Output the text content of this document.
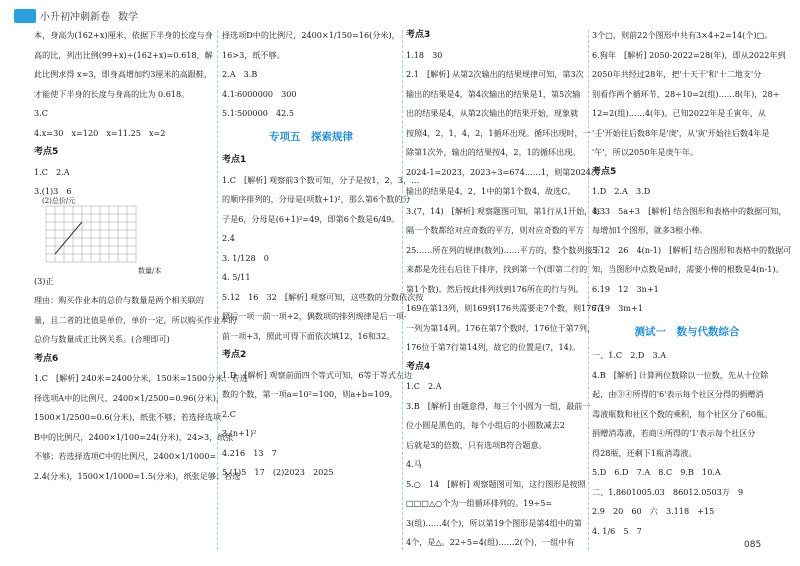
小升初冲刺新卷 数学
本，身高为(162+x)厘米，依据下半身的长度与身
高的比，列出比例(99+x)÷(162+x)=0.618，解
此比例求得 x≈3，即身高增加约3厘米的高跟鞋，
才能使下半身的长度与身高的比为 0.618。
3.C
4.x=30　x=120　x=11.25　x=2
考点5
1.C　2.A
3.(1)3　6
(2)总价/元
数量/本
(3)正
理由：购买作业本的总价与数量是两个相关联的
量，且二者的比值是单价，单价一定，所以购买作业本的
总价与数量成正比例关系。(合理即可)
考点6
1.C　[解析] 240米=2400分米，150米=1500分米。若选
择选项A中的比例尺，2400×1/2500=0.96(分米)，
1500×1/2500=0.6(分米)，纸张不够；若选择选项
B中的比例尺，2400×1/100=24(分米)，24>3，纸张
不够；若选择选项C中的比例尺，2400×1/1000=
2.4(分米)，1500×1/1000=1.5(分米)，纸张足够；若选
择选项D中的比例尺，2400×1/150=16(分米)，
16>3，纸不够。
2.A　3.B
4.1∶6000000　300
5.1∶500000　42.5
专项五　探索规律
考点1
1.C　[解析] 观察前3个数可知，分子是按1，2，3，…
的顺序排列的，分母是(项数+1)²，那么第6个数的分
子是6，分母是(6+1)²=49，即第6个数是6/49。
2.4
3. 1/128　0
4. 5/11
5.12　16　32　[解析] 观察可知，这些数的分数依次按
照后一项一前一项+2，偶数项的排列规律是后一项-
前一项+3，照此可得下面依次填12、16和32。
考点2
1.D　[解析] 观察前面四个等式可知，6等于等式左边
数的个数，第一项a=10²=100，则a+b=109。
2.C
3.(n+1)²
4.216　13　7
5.(1)5　17　(2)2023　2025
考点3
1.18　30
2.1　[解析] 从第2次输出的结果规律可知，第3次
输出的结果是4，第4次输出的结果是1，第5次输
出的结果是4，从第2次输出的结果开始，现象就
按照4，2，1，4，2，1循环出现。循环出现时，一
除第1次外，输出的结果按4，2，1的循环出现。
2024-1=2023，2023÷3=674……1，则第2024次
输出的结果是4，2，1中的第1个数4，故选C。
3.(7，14)　[解析] 观察题图可知，第1行从1开始，每
隔一个数都给对应奇数的平方，则对应奇数的平方
25……所在列的规律(数列)……平方的，整个数列接下
来都是先往右后往下排序，找到第一个(即第二行的
第1个数)。然后按此排列找到176所在的行与列。
169在第13列，则169到176共需要走7个数，则176在
一列为第14列。176在第7个数时，176位于第7列，
176位于第7行第14列，故它的位置是(7，14)。
考点4
1.C　2.A
3.B　[解析] 由题意得，每三个小圆为一组，最前一
位小圆是黑色的，每个小组后的小圆数减去2
后就是3的倍数，只有选项B符合题意。
4.马
5.○　14　[解析] 观察题图可知，这行图形是按照
□□□△○个为一组循环排列的。19÷5=
3(组)……4(个)，所以第19个图形是第4组中的第
4个，是△。22÷5=4(组)……2(个)，一组中有
3个□，则前22个图形中共有3×4+2=14(个)□。
6.狗年　[解析] 2050-2022=28(年)，即从2022年到
2050年共经过28年，把'十天干'和'十二地支'分
别看作两个循环节，28÷10=2(组)……8(年)，28÷
12=2(组)……4(年)。已知2022年是壬寅年，从
'壬'开始往后数8年是'庚'，从'寅'开始往后数4年是
'午'，所以2050年是庚午年。
考点5
1.D　2.A　3.D
4.33　5a+3　[解析] 结合图形和表格中的数据可知，
每增加1个图形，就多3根小棒。
5.12　26　4(n-1)　[解析] 结合图形和表格中的数据可
知，当图形中点数是n时，需要小棒的根数是4(n-1)。
6.19　12　3n+1
7.19　3m+1
测试一　数与代数综合
一、1.C　2.D　3.A
4.B　[解析] 计算两位数除以一位数，先从十位除
起，由③④所得的'6'表示每个社区分得的捐赠消
毒液瓶数和社区个数的乘积，每个社区分了60瓶。
捐赠消毒液，若商④所得的'1'表示每个社区分
得28瓶，还剩下1瓶消毒液。
5.D　6.D　7.A　8.C　9.B　10.A
二、1.8601005.03　86012.0503万　9
2.9　20　60　六　3.118　+15
4. 1/6　5　7
085
